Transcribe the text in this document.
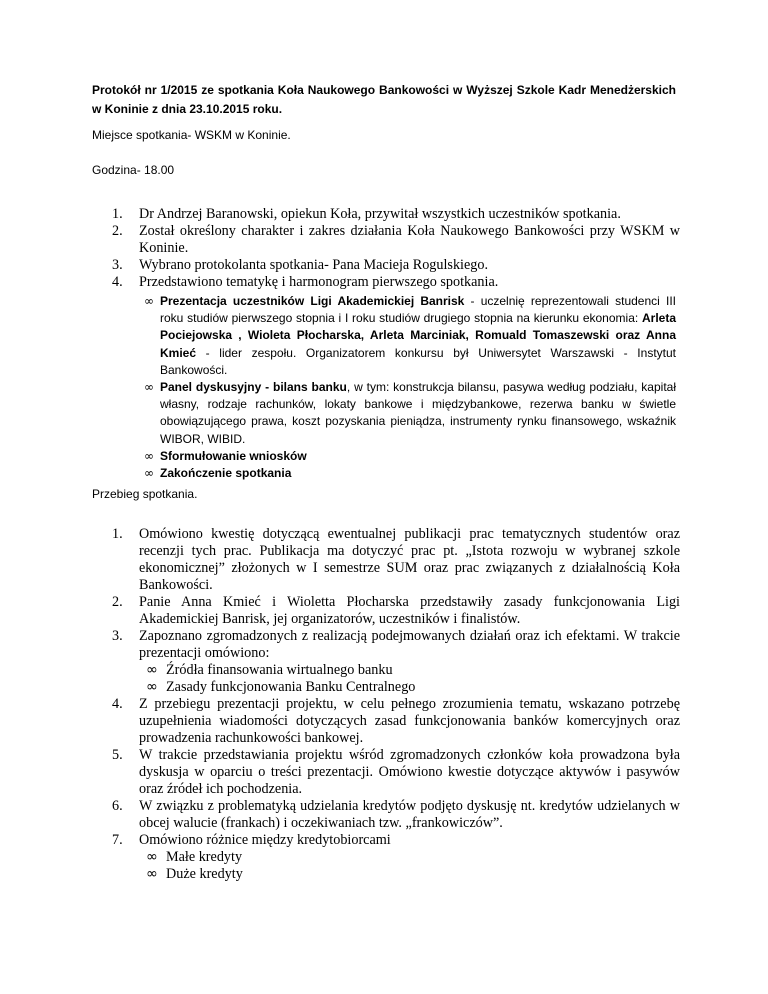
Protokół nr 1/2015 ze spotkania Koła Naukowego Bankowości w Wyższej Szkole Kadr Menedżerskich w Koninie z dnia 23.10.2015 roku.
Miejsce spotkania- WSKM w Koninie.
Godzina- 18.00
1. Dr Andrzej Baranowski, opiekun Koła, przywitał wszystkich uczestników spotkania.
2. Został określony charakter i zakres działania Koła Naukowego Bankowości przy WSKM w Koninie.
3. Wybrano protokolanta spotkania- Pana Macieja Rogulskiego.
4. Przedstawiono tematykę i harmonogram pierwszego spotkania.
∞ Prezentacja uczestników Ligi Akademickiej Banrisk - uczelnię reprezentowali studenci III roku studiów pierwszego stopnia i I roku studiów drugiego stopnia na kierunku ekonomia: Arleta Pociejowska , Wioleta Płocharska, Arleta Marciniak, Romuald Tomaszewski oraz Anna Kmieć - lider zespołu. Organizatorem konkursu był Uniwersytet Warszawski - Instytut Bankowości.
∞ Panel dyskusyjny - bilans banku, w tym: konstrukcja bilansu, pasywa według podziału, kapitał własny, rodzaje rachunków, lokaty bankowe i międzybankowe, rezerwa banku w świetle obowiązującego prawa, koszt pozyskania pieniądza, instrumenty rynku finansowego, wskaźnik WIBOR, WIBID.
∞ Sformułowanie wniosków
∞ Zakończenie spotkania
Przebieg spotkania.
1. Omówiono kwestię dotyczącą ewentualnej publikacji prac tematycznych studentów oraz recenzji tych prac. Publikacja ma dotyczyć prac pt. „Istota rozwoju w wybranej szkole ekonomicznej” złożonych w I semestrze SUM oraz prac związanych z działalnością Koła Bankowości.
2. Panie Anna Kmieć i Wioletta Płocharska przedstawiły zasady funkcjonowania Ligi Akademickiej Banrisk, jej organizatorów, uczestników i finalistów.
3. Zapoznano zgromadzonych z realizacją podejmowanych działań oraz ich efektami. W trakcie prezentacji omówiono:
∞ Źródła finansowania wirtualnego banku
∞ Zasady funkcjonowania Banku Centralnego
4. Z przebiegu prezentacji projektu, w celu pełnego zrozumienia tematu, wskazano potrzebę uzupełnienia wiadomości dotyczących zasad funkcjonowania banków komercyjnych oraz prowadzenia rachunkowości bankowej.
5. W trakcie przedstawiania projektu wśród zgromadzonych członków koła prowadzona była dyskusja w oparciu o treści prezentacji. Omówiono kwestie dotyczące aktywów i pasywów oraz źródeł ich pochodzenia.
6. W związku z problematyką udzielania kredytów podjęto dyskusję nt. kredytów udzielanych w obcej walucie (frankach) i oczekiwaniach tzw. „frankowiczów”.
7. Omówiono różnice między kredytobiorcami
∞ Małe kredyty
∞ Duże kredyty
